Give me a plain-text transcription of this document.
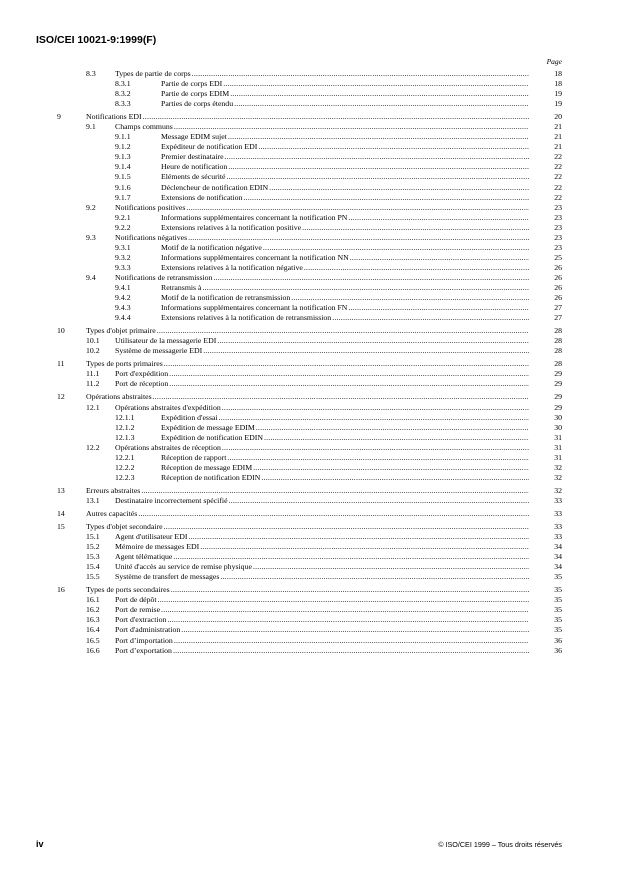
ISO/CEI 10021-9:1999(F)
Page
8.3 Types de partie de corps .....	18
8.3.1	Partie de corps EDI .....	18
8.3.2	Partie de corps EDIM .....	19
8.3.3	Parties de corps étendu .....	19
9	Notifications EDI .....	20
9.1 Champs communs .....	21
9.1.1	Message EDIM sujet .....	21
9.1.2	Expéditeur de notification EDI .....	21
9.1.3	Premier destinataire .....	22
9.1.4	Heure de notification .....	22
9.1.5	Eléments de sécurité .....	22
9.1.6	Déclencheur de notification EDIN .....	22
9.1.7	Extensions de notification .....	22
9.2 Notifications positives .....	23
9.2.1	Informations supplémentaires concernant la notification PN .....	23
9.2.2	Extensions relatives à la notification positive .....	23
9.3 Notifications négatives .....	23
9.3.1	Motif de la notification négative .....	23
9.3.2	Informations supplémentaires concernant la notification NN .....	25
9.3.3	Extensions relatives à la notification négative .....	26
9.4 Notifications de retransmission .....	26
9.4.1	Retransmis à .....	26
9.4.2	Motif de la notification de retransmission .....	26
9.4.3	Informations supplémentaires concernant la notification FN .....	27
9.4.4	Extensions relatives à la notification de retransmission .....	27
10	Types d'objet primaire .....	28
10.1 Utilisateur de la messagerie EDI .....	28
10.2 Système de messagerie EDI .....	28
11	Types de ports primaires .....	28
11.1 Port d'expédition .....	29
11.2 Port de réception .....	29
12	Opérations abstraites .....	29
12.1 Opérations abstraites d'expédition .....	29
12.1.1	Expédition d'essai .....	30
12.1.2	Expédition de message EDIM .....	30
12.1.3	Expédition de notification EDIN .....	31
12.2 Opérations abstraites de réception .....	31
12.2.1	Réception de rapport .....	31
12.2.2	Réception de message EDIM .....	32
12.2.3	Réception de notification EDIN .....	32
13	Erreurs abstraites .....	32
13.1 Destinataire incorrectement spécifié .....	33
14	Autres capacités .....	33
15	Types d'objet secondaire .....	33
15.1 Agent d'utilisateur EDI .....	33
15.2 Mémoire de messages EDI .....	34
15.3 Agent télématique .....	34
15.4 Unité d'accès au service de remise physique .....	34
15.5 Système de transfert de messages .....	35
16	Types de ports secondaires .....	35
16.1 Port de dépôt .....	35
16.2 Port de remise .....	35
16.3 Port d'extraction .....	35
16.4 Port d'administration .....	35
16.5 Port d’importation .....	36
16.6 Port d’exportation .....	36
iv	© ISO/CEI 1999 – Tous droits réservés
